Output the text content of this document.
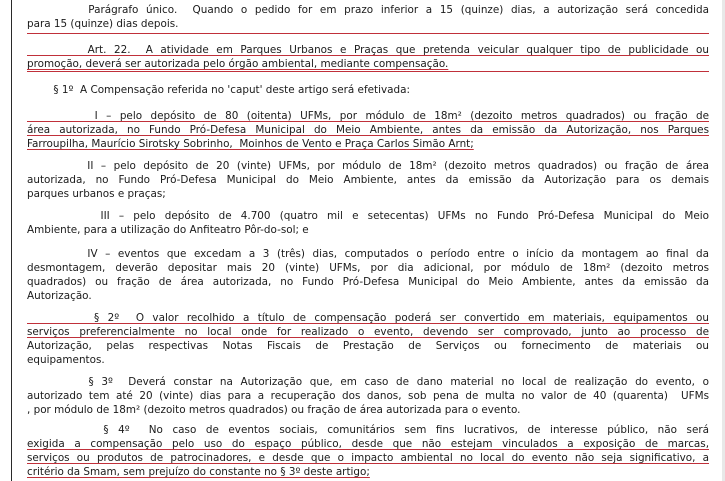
Parágrafo único.  Quando o pedido for em prazo inferior a 15 (quinze) dias, a autorização será concedida
para 15 (quinze) dias depois.
Art. 22.  A atividade em Parques Urbanos e Praças que pretenda veicular qualquer tipo de publicidade ou
promoção, deverá ser autorizada pelo órgão ambiental, mediante compensação.
§ 1º  A Compensação referida no 'caput' deste artigo será efetivada:
I – pelo depósito de 80 (oitenta) UFMs, por módulo de 18m² (dezoito metros quadrados) ou fração de
área autorizada, no Fundo Pró-Defesa Municipal do Meio Ambiente, antes da emissão da Autorização, nos Parques
Farroupilha, Maurício Sirotsky Sobrinho,  Moinhos de Vento e Praça Carlos Simão Arnt;
II – pelo depósito de 20 (vinte) UFMs, por módulo de 18m² (dezoito metros quadrados) ou fração de área
autorizada, no Fundo Pró-Defesa Municipal do Meio Ambiente, antes da emissão da Autorização para os demais
parques urbanos e praças;
III – pelo depósito de 4.700 (quatro mil e setecentas) UFMs no Fundo Pró-Defesa Municipal do Meio
Ambiente, para a utilização do Anfiteatro Pôr-do-sol; e
IV – eventos que excedam a 3 (três) dias, computados o período entre o início da montagem ao final da
desmontagem, deverão depositar mais 20 (vinte) UFMs, por dia adicional, por módulo de 18m² (dezoito metros
quadrados) ou fração de área autorizada, no Fundo Pró-Defesa Municipal do Meio Ambiente, antes da emissão da
Autorização.
§ 2º  O valor recolhido a título de compensação poderá ser convertido em materiais, equipamentos ou
serviços preferencialmente no local onde for realizado o evento, devendo ser comprovado, junto ao processo de
Autorização, pelas respectivas Notas Fiscais de Prestação de Serviços ou fornecimento de materiais ou
equipamentos.
§ 3º  Deverá constar na Autorização que, em caso de dano material no local de realização do evento, o
autorizado tem até 20 (vinte) dias para a recuperação dos danos, sob pena de multa no valor de 40 (quarenta)  UFMs
, por módulo de 18m² (dezoito metros quadrados) ou fração de área autorizada para o evento.
§ 4º  No caso de eventos sociais, comunitários sem fins lucrativos, de interesse público, não será
exigida a compensação pelo uso do espaço público, desde que não estejam vinculados a exposição de marcas,
serviços ou produtos de patrocinadores, e desde que o impacto ambiental no local do evento não seja significativo, a
critério da Smam, sem prejuízo do constante no § 3º deste artigo;
